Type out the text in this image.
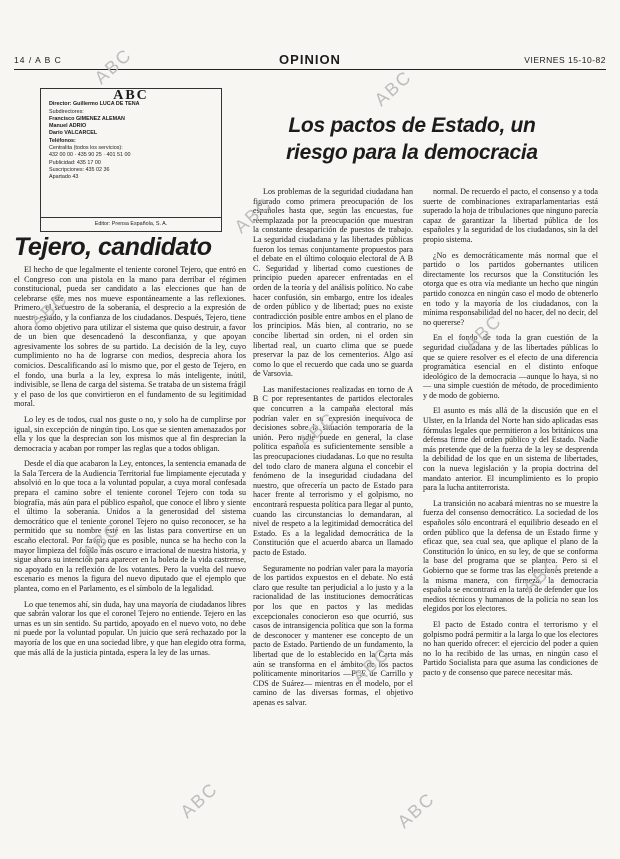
14 / A B C	OPINION	VIERNES 15-10-82
ABC
Director: Guillermo LUCA DE TENA
Subdirectores:
Francisco GIMENEZ ALEMAN
Manuel ADRIO
Darío VALCARCEL
Teléfonos:
Centralita (todos los servicios):
432 00 00 · 435 90 25 · 401 51 00
Publicidad: 435 17 00
Suscripciones: 435 02 36
Apartado 43
Editor: Prensa Española, S. A.
Los pactos de Estado, un riesgo para la democracia
Tejero, candidato

El hecho de que legalmente el teniente coronel Tejero, que entró en el Congreso con una pistola en la mano para derribar el régimen constitucional, pueda ser candidato a las elecciones que han de celebrarse este mes nos mueve espontáneamente a las reflexiones. Primero, el secuestro de la soberanía, el desprecio a la expresión de nuestro estado, y la confianza de los ciudadanos. Después, Tejero, tiene ahora como objetivo para utilizar el sistema que quiso destruir, a favor de un bien que desencadenó la desconfianza, y que apoyan agresivamente los sobres de su partido. La decisión de la ley, cuyo cumplimiento no ha de lograrse con medios, desprecia ahora los comicios. Descalificando así lo mismo que, por el gesto de Tejero, en el fondo, una burla a la ley, expresa lo más inteligente, inútil, indivisible, se llena de carga del sistema. Se trataba de un sistema frágil y el paso de los que convirtieron en el fundamento de su legitimidad moral.

Lo ley es de todos, cual nos guste o no, y solo ha de cumplirse por igual, sin excepción de ningún tipo. Los que se sienten amenazados por ella y los que la desprecian son los mismos que al fin desprecian la democracia y acaban por romper las reglas que a todos obligan.

Desde el día que acabaron la Ley, entonces, la sentencia emanada de la Sala Tercera de la Audiencia Territorial fue limpiamente ejecutada y absolvió en lo que toca a la voluntad popular, a cuya moral confesada prepara el camino sobre el teniente coronel Tejero con toda su biografía, más aún para el público español, que conoce el libro y siente el último la soberanía. Unidos a la generosidad del sistema democrático que el teniente coronel Tejero no quiso reconocer, se ha permitido que su nombre esté en las listas para convertirse en un escaño electoral. Por favor, que es posible, nunca se ha hecho con la mayor limpieza del fondo más oscuro e irracional de nuestra historia, y sigue ahora su intención para aparecer en la boleta de la vida castrense, no apoyado en la reflexión de los votantes. Pero la vuelta del nuevo escenario es menos la figura del nuevo diputado que el ejemplo que plantea, como en el Parlamento, es el símbolo de la legalidad.

Lo que tenemos ahí, sin duda, hay una mayoría de ciudadanos libres que sabrán valorar los que el coronel Tejero no entiende. Tejero en las urnas es un sin sentido. Su partido, apoyado en el nuevo voto, no debe ni puede por la voluntad popular. Un juicio que será rechazado por la mayoría de los que en una sociedad libre, y que han elegido otra forma, que más allá de la justicia pintada, espera la ley de las urnas.

Los problemas de la seguridad ciudadana han figurado como primera preocupación de los españoles hasta que, según las encuestas, fue reemplazada por la preocupación que muestran la constante desaparición de puestos de trabajo. La seguridad ciudadana y las libertades públicas fueron los temas conjuntamente propuestos para el debate en el último coloquio electoral de A B C. Seguridad y libertad como cuestiones de principio pueden aparecer enfrentadas en el orden de la teoría y del análisis político. No cabe hacer confusión, sin embargo, entre los ideales de orden público y de libertad; pues no existe contradicción posible entre ambos en el plano de los principios. Más bien, al contrario, no se concibe libertad sin orden, ni el orden sin libertad real, un cuarto clima que se puede preservar la paz de los cementerios. Algo así como lo que el recuerdo que cada uno se guarda de Varsovia.

Las manifestaciones realizadas en torno de A B C por representantes de partidos electorales que concurren a la campaña electoral más podrían valer en su expresión inequívoca de decisiones sobre la situación temporaria de la unión. Pero nadie puede en general, la clase política española es suficientemente sensible a las preocupaciones ciudadanas. Lo que no resulta del todo claro de manera alguna el concebir el fenómeno de la inseguridad ciudadana del nuestro, que ofrecería un pacto de Estado para hacer frente al terrorismo y el golpismo, no encontrará respuesta política para llegar al punto, cuando las circunstancias lo demandaran, al nivel de respeto a la legitimidad democrática del Estado. Es a la legalidad democrática de la Constitución que el acuerdo abarca un llamado pacto de Estado.

Seguramente no podrían valer para la mayoría de los partidos expuestos en el debate. No está claro que resulte tan perjudicial a lo justo y a la racionalidad de las instituciones democráticas por los que en pactos y las medidas excepcionales conocieron eso que ocurrió, sus casos de intransigencia política que son la forma de desconocer y mantener ese concepto de un pacto de Estado. Partiendo de un fundamento, la libertad que de lo establecido en la Carta más aún se transforma en el ámbito de los pactos políticamente minoritarios —PCE de Carrillo y CDS de Suárez— mientras en el modelo, por el camino de las diversas formas, el objetivo apenas es salvar.

normal. De recuerdo el pacto, el consenso y a toda suerte de combinaciones extraparlamentarias está superado la hoja de tribulaciones que ninguno parecía capaz de garantizar la libertad pública de los españoles y la seguridad de los ciudadanos, sin la del propio sistema.

¿No es democráticamente más normal que el partido o los partidos gobernantes utilicen directamente los recursos que la Constitución les otorga que es otra vía mediante un hecho que ningún partido conozca en ningún caso el modo de obtenerlo en todo y la mayoría de los ciudadanos, con la mínima responsabilidad del no hacer, del no decir, del no quererse?

En el fondo de toda la gran cuestión de la seguridad ciudadana y de las libertades públicas lo que se quiere resolver es el efecto de una diferencia programática esencial en el distinto enfoque ideológico de la democracia —aunque lo haya, si no— una simple cuestión de método, de procedimiento y de modo de gobierno.

El asunto es más allá de la discusión que en el Ulster, en la Irlanda del Norte han sido aplicadas esas fórmulas legales que permitieron a los británicos una defensa firme del orden público y del Estado. Nadie más pretende que de la fuerza de la ley se desprenda la debilidad de los que en un sistema de libertades, con la nueva legislación y la propia doctrina del mandato anterior. El incumplimiento es lo propio para la lucha antiterrorista.

La transición no acabará mientras no se muestre la fuerza del consenso democrático. La sociedad de los españoles sólo encontrará el equilibrio deseado en el orden público que la defensa de un Estado firme y eficaz que, sea cual sea, que aplique el plano de la Constitución lo único, en su ley, de que se conforma la base del programa que se plantea. Pero si el Gobierno que se forme tras las elecciones pretende a la misma manera, con firmeza, la democracia española se encontrará en la tarea de defender que los medios técnicos y humanos de la policía no sean los elegidos por los electores.

El pacto de Estado contra el terrorismo y el golpismo podrá permitir a la larga lo que los electores no han querido ofrecer: el ejercicio del poder a quien no lo ha recibido de las urnas, en ningún caso el Partido Socialista para que asuma las condiciones de pacto y de consenso que parece necesitar más.

ABC
ABC
ABC
ABC
ABC
ABC
ABC
ABC
ABC
ABC	ABC
